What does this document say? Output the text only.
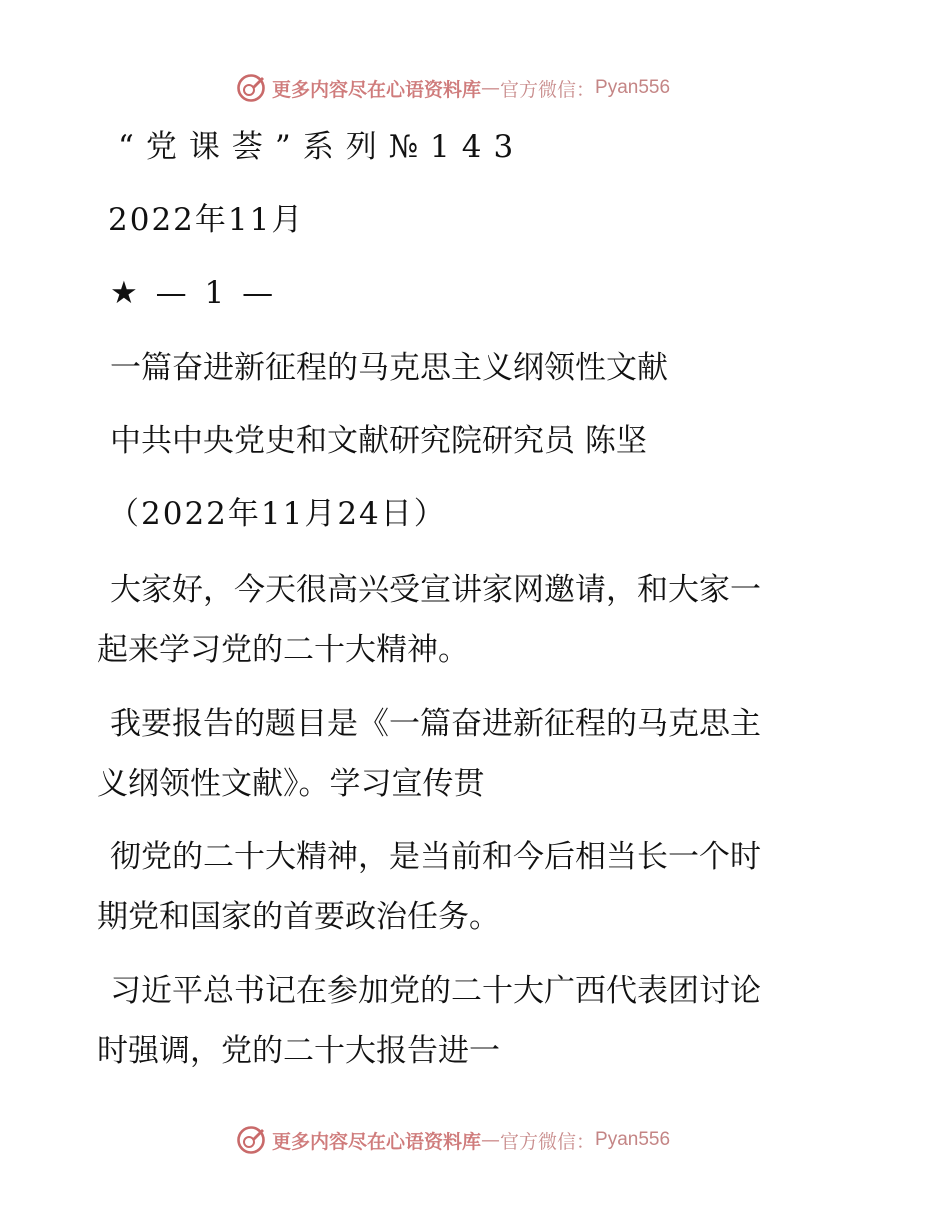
更多内容尽在心语资料库 — 官方微信： Pyan556

“党课荟”系列№143

2022年11月

★ — 1 —

一篇奋进新征程的马克思主义纲领性文献

中共中央党史和文献研究院研究员 陈坚

（2022年11月24日）

大家好，今天很高兴受宣讲家网邀请，和大家一

起来学习党的二十大精神。

我要报告的题目是《一篇奋进新征程的马克思主

义纲领性文献》。学习宣传贯

彻党的二十大精神，是当前和今后相当长一个时

期党和国家的首要政治任务。

习近平总书记在参加党的二十大广西代表团讨论

时强调，党的二十大报告进一

更多内容尽在心语资料库 — 官方微信： Pyan556
